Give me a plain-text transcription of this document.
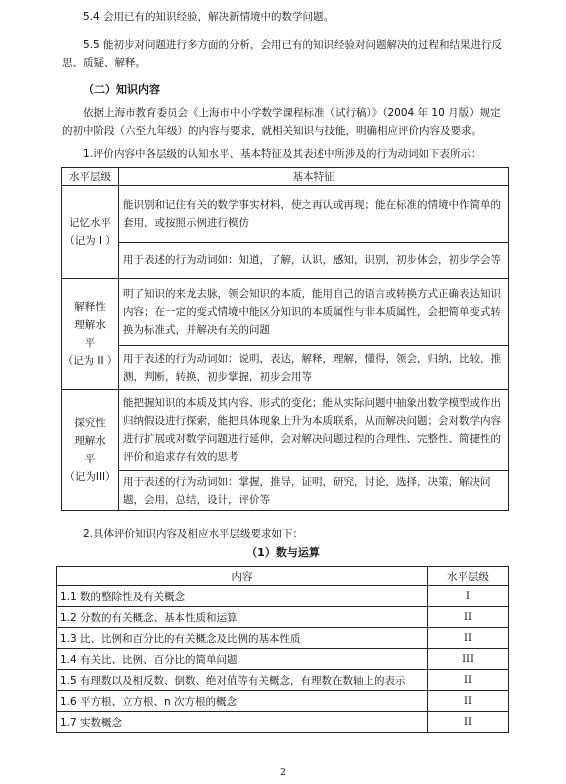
5.4 会用已有的知识经验，解决新情境中的数学问题。
5.5 能初步对问题进行多方面的分析，会用已有的知识经验对问题解决的过程和结果进行反思、质疑、解释。
（二）知识内容
依据上海市教育委员会《上海市中小学数学课程标准（试行稿）》（2004 年 10 月版）规定的初中阶段（六至九年级）的内容与要求，就相关知识与技能，明确相应评价内容及要求。
1.评价内容中各层级的认知水平、基本特征及其表述中所涉及的行为动词如下表所示：
水平层级	基本特征

记忆水平
（记为 I ）	能识别和记住有关的数学事实材料，使之再认或再现；能在标准的情境中作简单的套用，或按照示例进行模仿
	用于表述的行为动词如：知道，了解，认识，感知，识别，初步体会，初步学会等

解释性理解水平
（记为 II ）	明了知识的来龙去脉，领会知识的本质，能用自己的语言或转换方式正确表达知识内容；在一定的变式情境中能区分知识的本质属性与非本质属性，会把简单变式转换为标准式，并解决有关的问题
	用于表述的行为动词如：说明，表达，解释，理解，懂得，领会，归纳，比较，推测，判断，转换，初步掌握，初步会用等

探究性理解水平
（记为III）	能把握知识的本质及其内容、形式的变化；能从实际问题中抽象出数学模型或作出归纳假设进行探索，能把具体现象上升为本质联系，从而解决问题；会对数学内容进行扩展或对数学问题进行延伸，会对解决问题过程的合理性、完整性、简捷性的评价和追求存有效的思考
	用于表述的行为动词如：掌握，推导，证明，研究，讨论，选择，决策，解决问题，会用，总结，设计，评价等
2.具体评价知识内容及相应水平层级要求如下：
（1）数与运算
内容	水平层级
1.1 数的整除性及有关概念	I
1.2 分数的有关概念、基本性质和运算	II
1.3 比、比例和百分比的有关概念及比例的基本性质	II
1.4 有关比、比例、百分比的简单问题	III
1.5 有理数以及相反数、倒数、绝对值等有关概念，有理数在数轴上的表示	II
1.6 平方根、立方根、n 次方根的概念	II
1.7 实数概念	II
2
